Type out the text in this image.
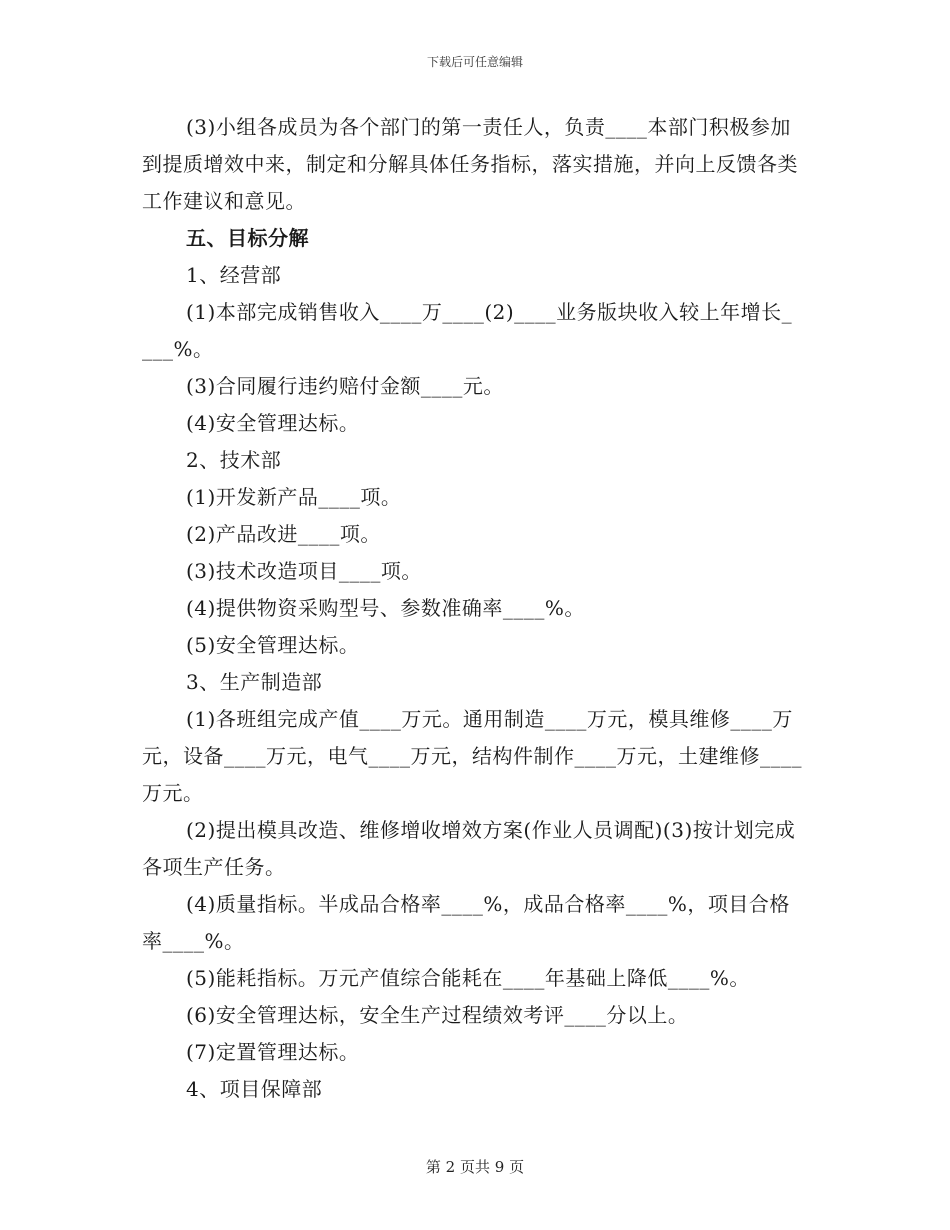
下载后可任意编辑

(3)小组各成员为各个部门的第一责任人，负责____本部门积极参加到提质增效中来，制定和分解具体任务指标，落实措施，并向上反馈各类工作建议和意见。

五、目标分解

1、经营部

(1)本部完成销售收入____万____(2)____业务版块收入较上年增长____%。

(3)合同履行违约赔付金额____元。

(4)安全管理达标。

2、技术部

(1)开发新产品____项。

(2)产品改进____项。

(3)技术改造项目____项。

(4)提供物资采购型号、参数准确率____%。

(5)安全管理达标。

3、生产制造部

(1)各班组完成产值____万元。通用制造____万元，模具维修____万元，设备____万元，电气____万元，结构件制作____万元，土建维修____万元。

(2)提出模具改造、维修增收增效方案(作业人员调配)(3)按计划完成各项生产任务。

(4)质量指标。半成品合格率____%，成品合格率____%，项目合格率____%。

(5)能耗指标。万元产值综合能耗在____年基础上降低____%。

(6)安全管理达标，安全生产过程绩效考评____分以上。

(7)定置管理达标。

4、项目保障部

第 2 页共 9 页
